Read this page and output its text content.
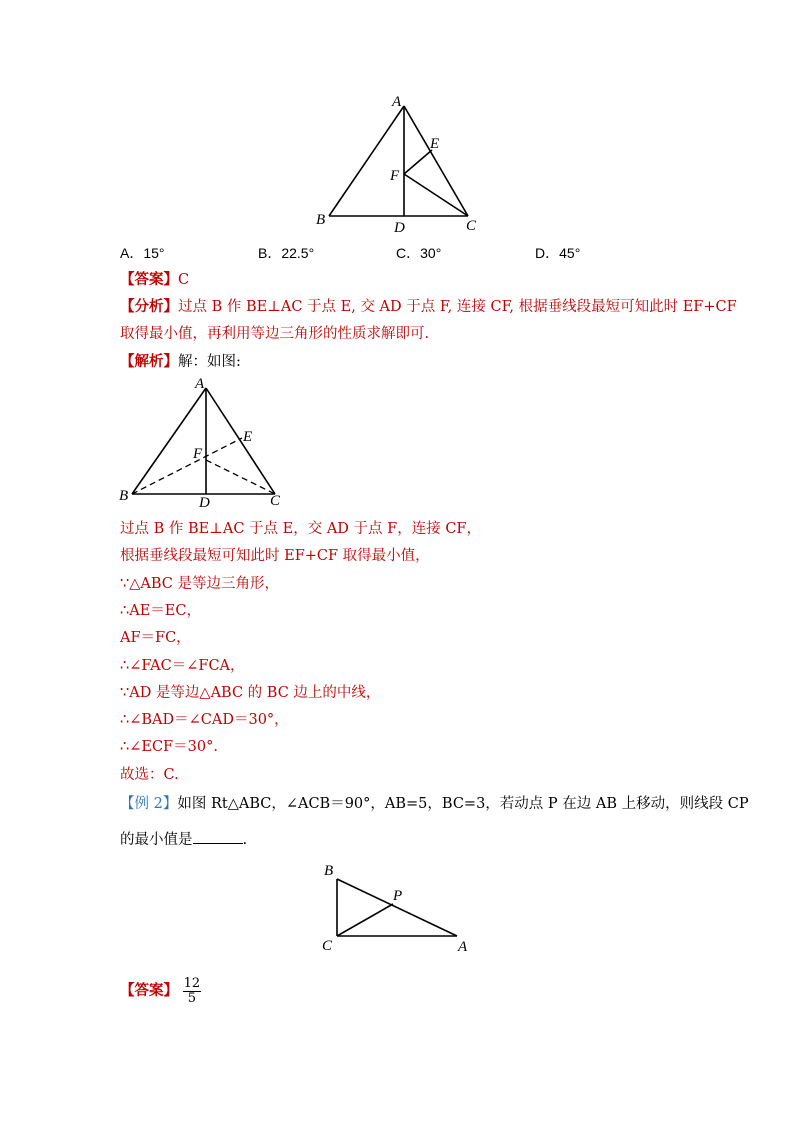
A
B	C
D
E
F
A．15°	B．22.5°	C．30°	D．45°
【答案】C
【分析】过点 B 作 BE⊥AC 于点 E, 交 AD 于点 F, 连接 CF, 根据垂线段最短可知此时 EF+CF
取得最小值，再利用等边三角形的性质求解即可.
【解析】解：如图:
A
B	C
D
E
F
过点 B 作 BE⊥AC 于点 E，交 AD 于点 F，连接 CF，
根据垂线段最短可知此时 EF+CF 取得最小值，
∵△ABC 是等边三角形，
∴AE＝EC，
AF＝FC，
∴∠FAC＝∠FCA，
∵AD 是等边△ABC 的 BC 边上的中线，
∴∠BAD＝∠CAD＝30°，
∴∠ECF＝30°.
故选：C.
【例 2】如图 Rt△ABC，∠ACB＝90°，AB=5，BC=3，若动点 P 在边 AB 上移动，则线段 CP
的最小值是	.
B
C	A
P
【答案】 $\frac{12}{5}$
